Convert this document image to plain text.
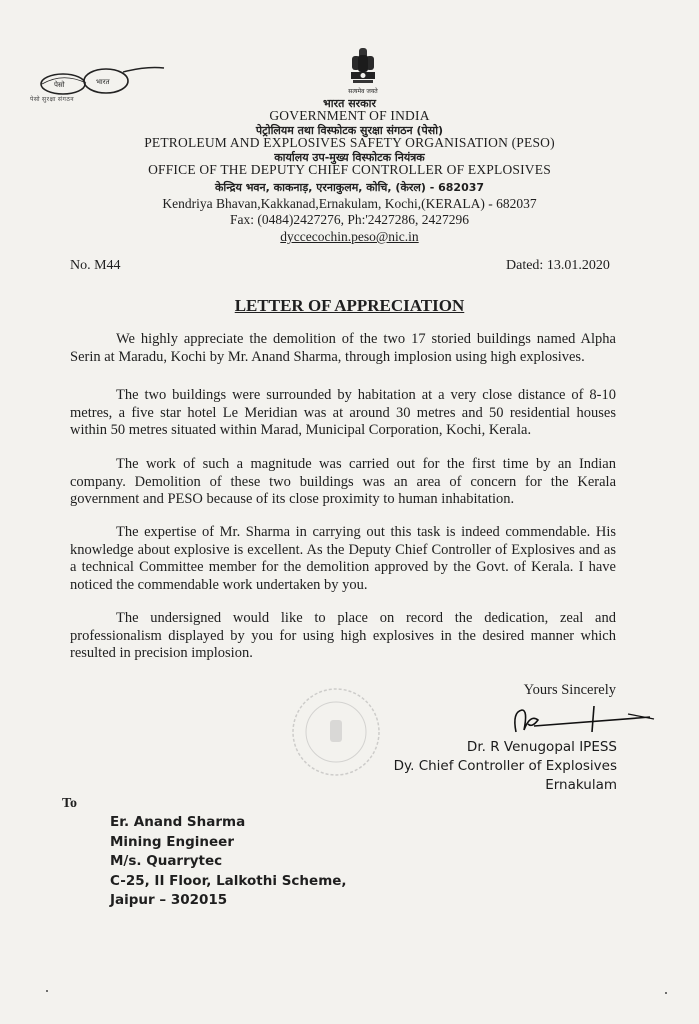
पेसो	भारत
पेसो सुरक्षा संगठन
सत्यमेव जयते
भारत सरकार
GOVERNMENT OF INDIA
पेट्रोलियम तथा विस्फोटक सुरक्षा संगठन (पेसो)
PETROLEUM AND EXPLOSIVES SAFETY ORGANISATION (PESO)
कार्यालय उप-मुख्य विस्फोटक नियंत्रक
OFFICE OF THE DEPUTY CHIEF CONTROLLER OF EXPLOSIVES
केन्द्रिय भवन, काकनाड़, एरनाकुलम, कोचि, (केरल) - 682037
Kendriya Bhavan,Kakkanad,Ernakulam, Kochi,(KERALA) - 682037
Fax: (0484)2427276, Ph:'2427286, 2427296
dyccecochin.peso@nic.in
No. M44	Dated: 13.01.2020
LETTER OF APPRECIATION
We highly appreciate the demolition of the two 17 storied buildings named Alpha Serin at Maradu, Kochi by Mr. Anand Sharma, through implosion using high explosives.
The two buildings were surrounded by habitation at a very close distance of 8-10 metres, a five star hotel Le Meridian was at around 30 metres and 50 residential houses within 50 metres situated within Marad, Municipal Corporation, Kochi, Kerala.
The work of such a magnitude was carried out for the first time by an Indian company. Demolition of these two buildings was an area of concern for the Kerala government and PESO because of its close proximity to human inhabitation.
The expertise of Mr. Sharma in carrying out this task is indeed commendable. His knowledge about explosive is excellent. As the Deputy Chief Controller of Explosives and as a technical Committee member for the demolition approved by the Govt. of Kerala. I have noticed the commendable work undertaken by you.
The undersigned would like to place on record the dedication, zeal and professionalism displayed by you for using high explosives in the desired manner which resulted in precision implosion.
Yours Sincerely
Dr. R Venugopal IPESS
Dy. Chief Controller of Explosives
Ernakulam
To
Er. Anand Sharma
Mining Engineer
M/s. Quarrytec
C-25, II Floor, Lalkothi Scheme,
Jaipur – 302015
